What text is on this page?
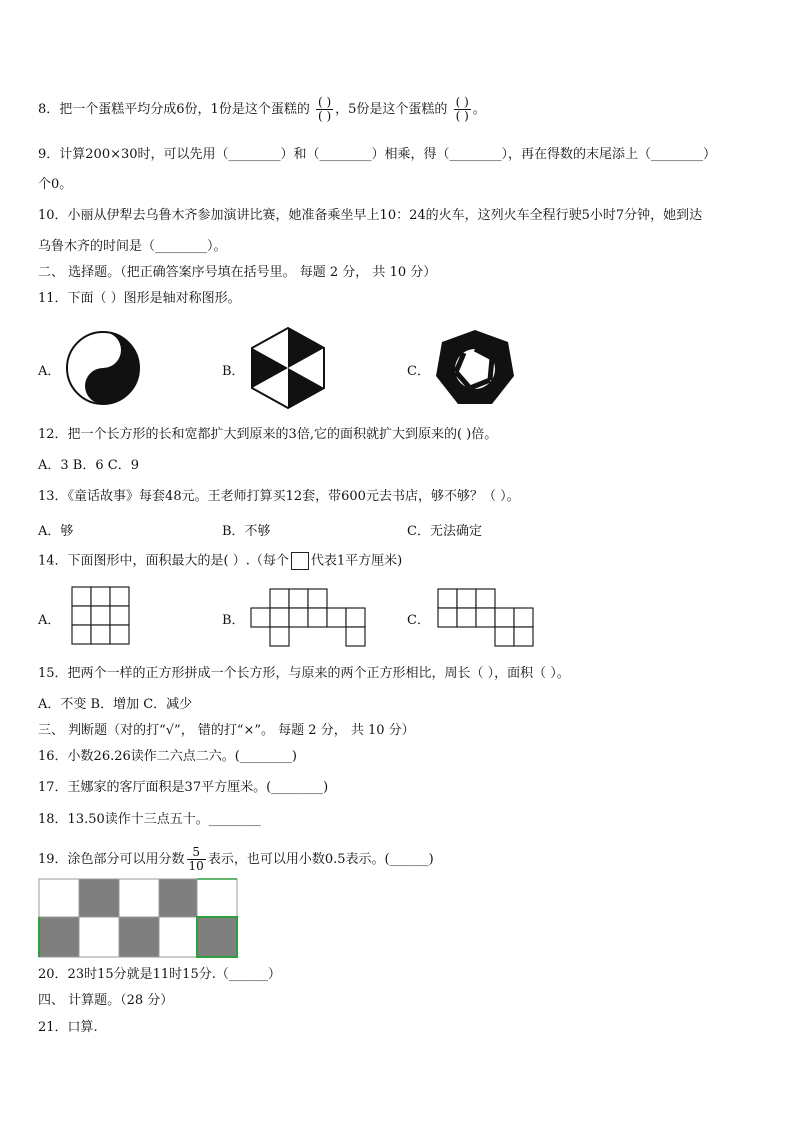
8．把一个蛋糕平均分成6份，1份是这个蛋糕的 $\frac{( )}{( )}$ ，5份是这个蛋糕的 $\frac{( )}{( )}$ 。
9．计算200×30时，可以先用（________）和（________）相乘，得（________），再在得数的末尾添上（________）
个0。
10．小丽从伊犁去乌鲁木齐参加演讲比赛，她准备乘坐早上10：24的火车，这列火车全程行驶5小时7分钟，她到达
乌鲁木齐的时间是（________）。
二、 选择题。（把正确答案序号填在括号里。 每题 2 分， 共 10 分）
11．下面（ ）图形是轴对称图形。
A．	B．	C．
12．把一个长方形的长和宽都扩大到原来的3倍,它的面积就扩大到原来的( )倍。
A．3 B．6 C．9
13．《童话故事》每套48元。王老师打算买12套，带600元去书店，够不够？（ ）。
A．够	B．不够	C．无法确定
14．下面图形中，面积最大的是( ）.（每个 代表1平方厘米)
A．	B．	C．
15．把两个一样的正方形拼成一个长方形，与原来的两个正方形相比，周长（ ），面积（ ）。
A．不变 B．增加 C．减少
三、 判断题（对的打“√”， 错的打“×”。 每题 2 分， 共 10 分）
16．小数26.26读作二六点二六。(________)
17．王娜家的客厅面积是37平方厘米。(________)
18．13.50读作十三点五十。________
19．涂色部分可以用分数 $\frac{5}{10}$ 表示，也可以用小数0.5表示。(______)
20．23时15分就是11时15分.（______）
四、 计算题。（28 分）
21．口算.
